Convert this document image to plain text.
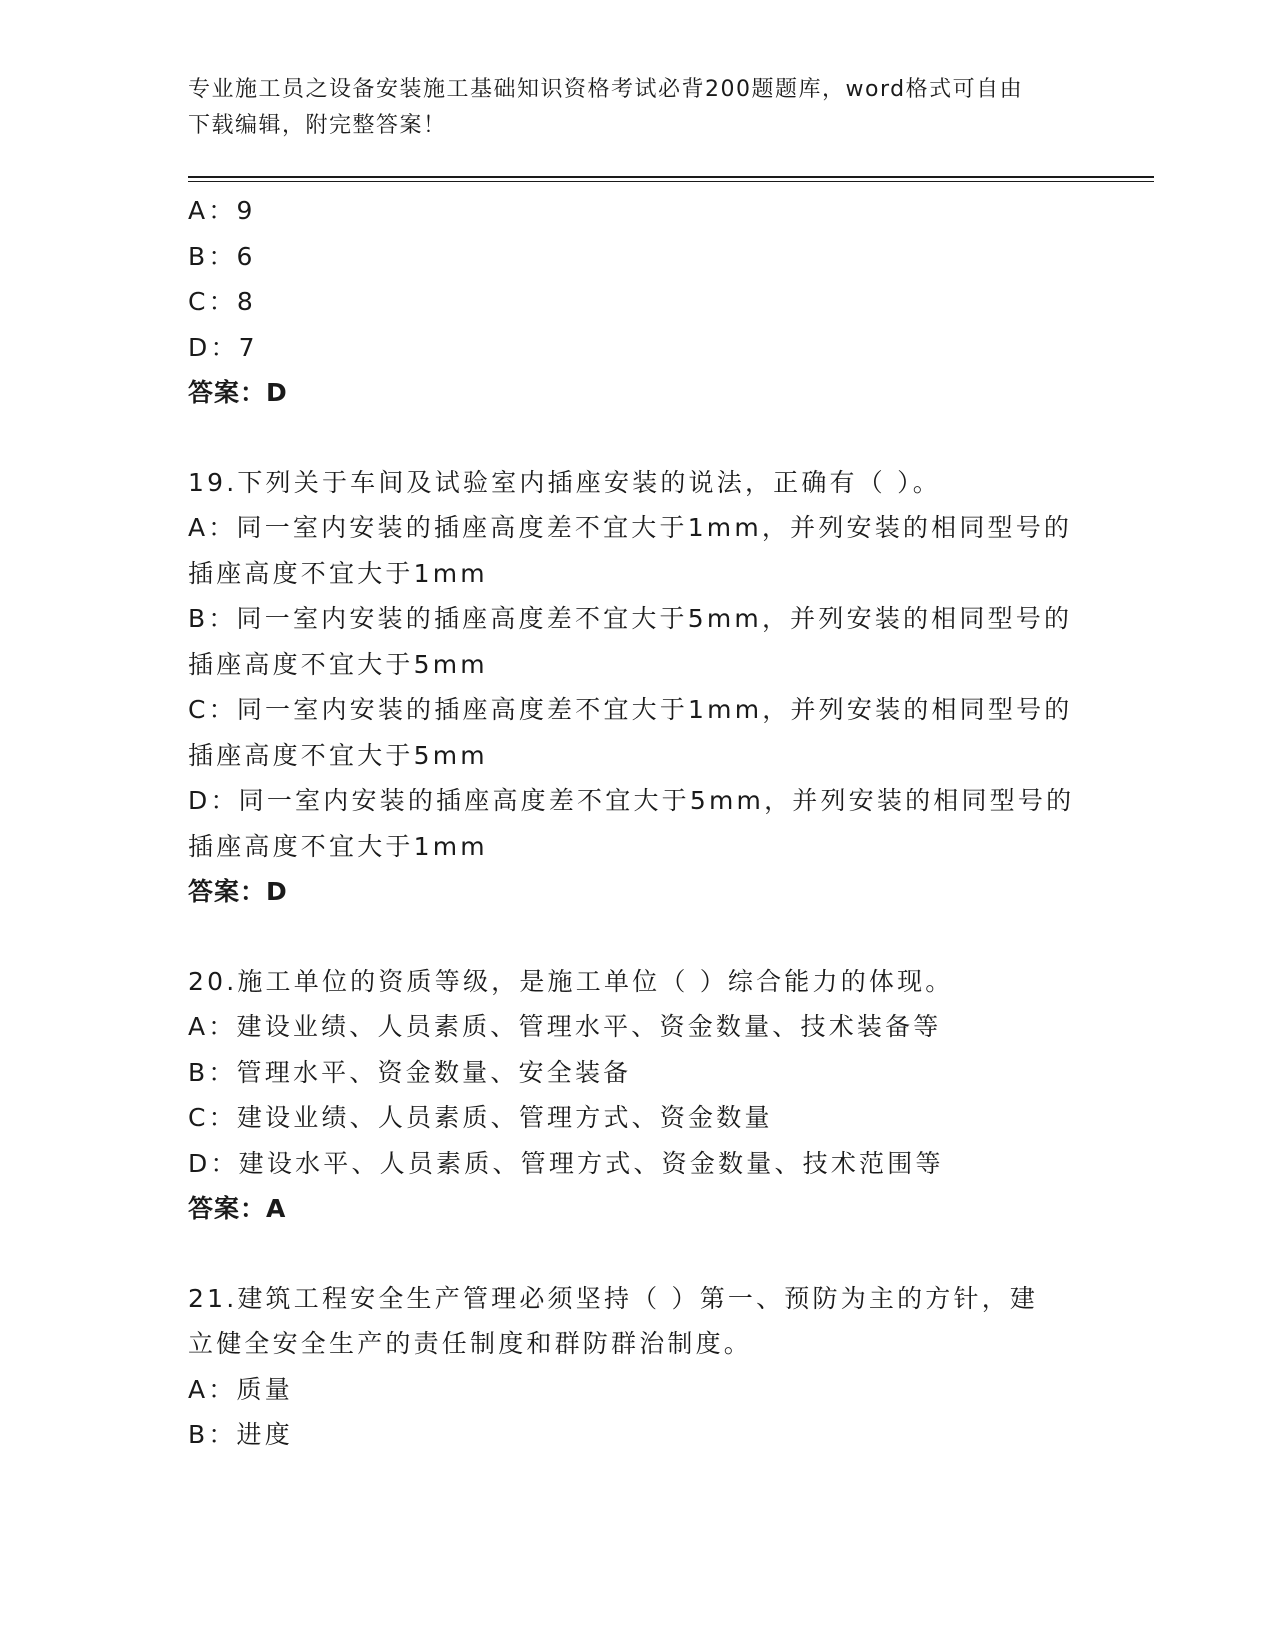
专业施工员之设备安装施工基础知识资格考试必背200题题库，word格式可自由
下载编辑，附完整答案！
A：9
B：6
C：8
D：7
答案：D
19.下列关于车间及试验室内插座安装的说法，正确有（ ）。
A：同一室内安装的插座高度差不宜大于1mm，并列安装的相同型号的
插座高度不宜大于1mm
B：同一室内安装的插座高度差不宜大于5mm，并列安装的相同型号的
插座高度不宜大于5mm
C：同一室内安装的插座高度差不宜大于1mm，并列安装的相同型号的
插座高度不宜大于5mm
D：同一室内安装的插座高度差不宜大于5mm，并列安装的相同型号的
插座高度不宜大于1mm
答案：D
20.施工单位的资质等级，是施工单位（ ）综合能力的体现。
A：建设业绩、人员素质、管理水平、资金数量、技术装备等
B：管理水平、资金数量、安全装备
C：建设业绩、人员素质、管理方式、资金数量
D：建设水平、人员素质、管理方式、资金数量、技术范围等
答案：A
21.建筑工程安全生产管理必须坚持（ ）第一、预防为主的方针，建
立健全安全生产的责任制度和群防群治制度。
A：质量
B：进度
